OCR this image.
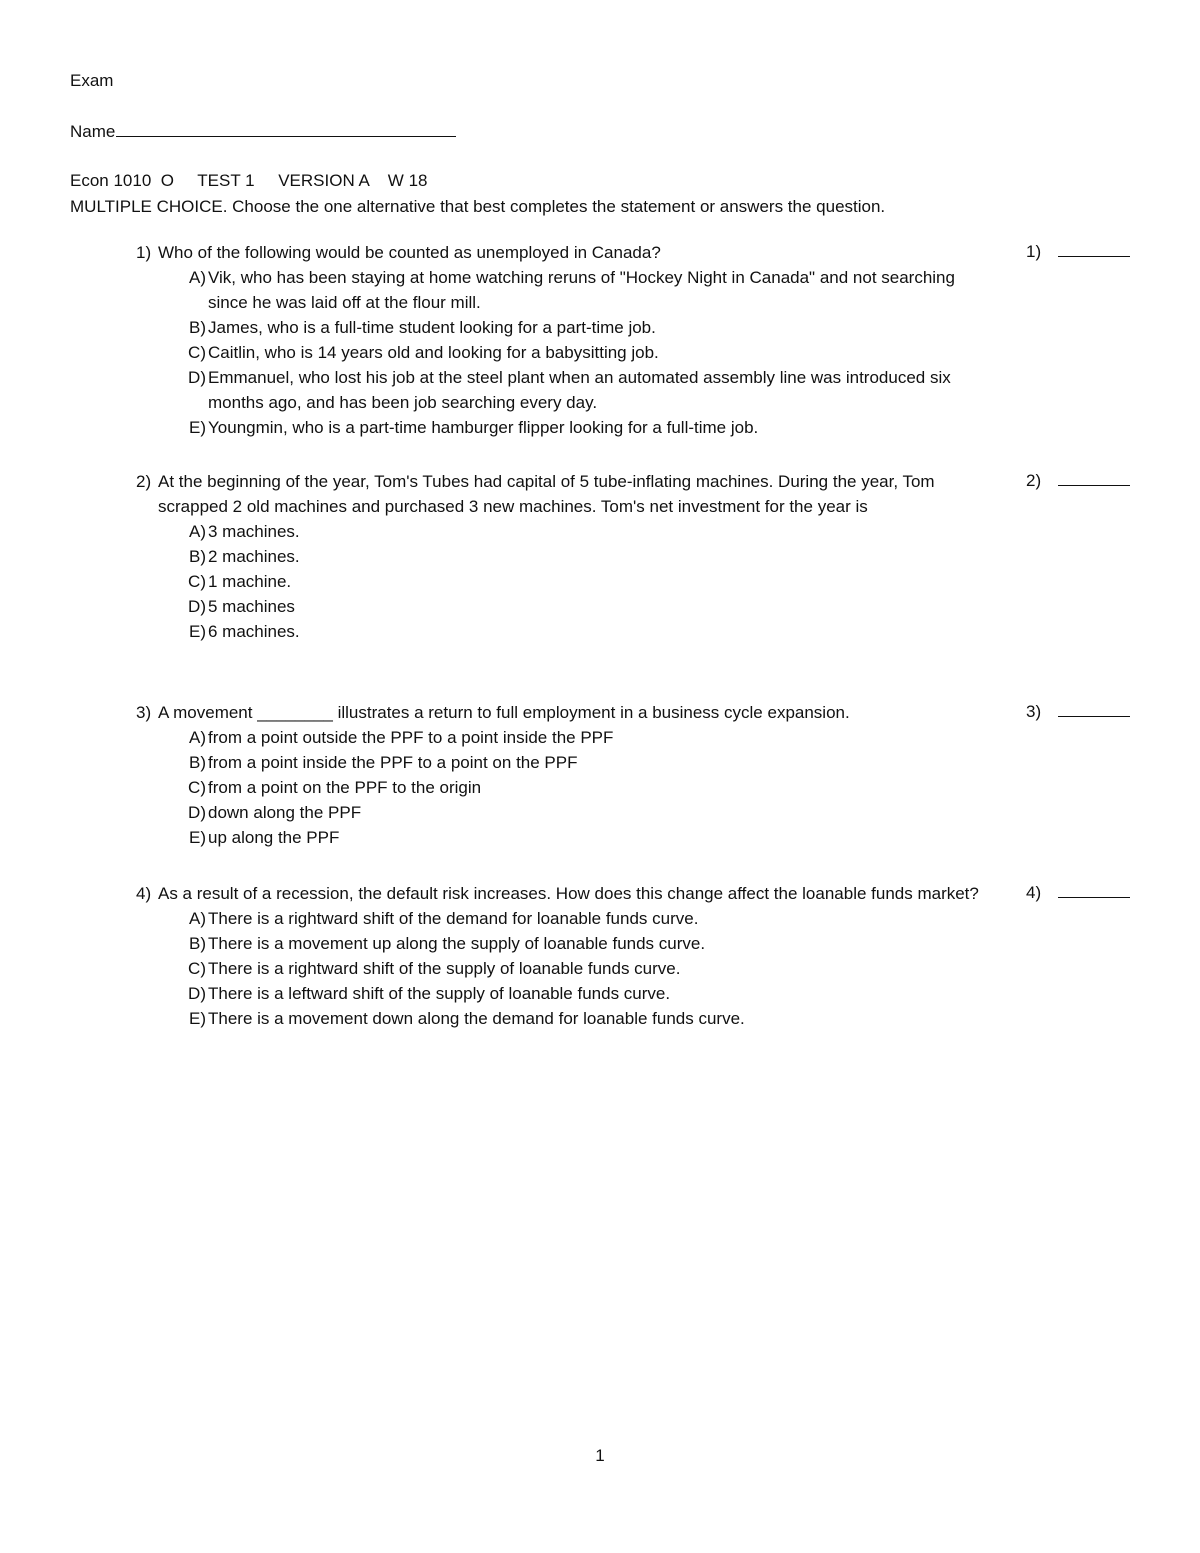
Exam
Name
Econ 1010  O     TEST 1     VERSION A    W 18
MULTIPLE CHOICE. Choose the one alternative that best completes the statement or answers the question.
1) Who of the following would be counted as unemployed in Canada?
A) Vik, who has been staying at home watching reruns of "Hockey Night in Canada" and not searching since he was laid off at the flour mill.
B) James, who is a full-time student looking for a part-time job.
C) Caitlin, who is 14 years old and looking for a babysitting job.
D) Emmanuel, who lost his job at the steel plant when an automated assembly line was introduced six months ago, and has been job searching every day.
E) Youngmin, who is a part-time hamburger flipper looking for a full-time job.
1)
2) At the beginning of the year, Tom's Tubes had capital of 5 tube-inflating machines. During the year, Tom scrapped 2 old machines and purchased 3 new machines. Tom's net investment for the year is
A) 3 machines.
B) 2 machines.
C) 1 machine.
D) 5 machines
E) 6 machines.
2)
3) A movement ________ illustrates a return to full employment in a business cycle expansion.
A) from a point outside the PPF to a point inside the PPF
B) from a point inside the PPF to a point on the PPF
C) from a point on the PPF to the origin
D) down along the PPF
E) up along the PPF
3)
4) As a result of a recession, the default risk increases. How does this change affect the loanable funds market?
A) There is a rightward shift of the demand for loanable funds curve.
B) There is a movement up along the supply of loanable funds curve.
C) There is a rightward shift of the supply of loanable funds curve.
D) There is a leftward shift of the supply of loanable funds curve.
E) There is a movement down along the demand for loanable funds curve.
4)
1
